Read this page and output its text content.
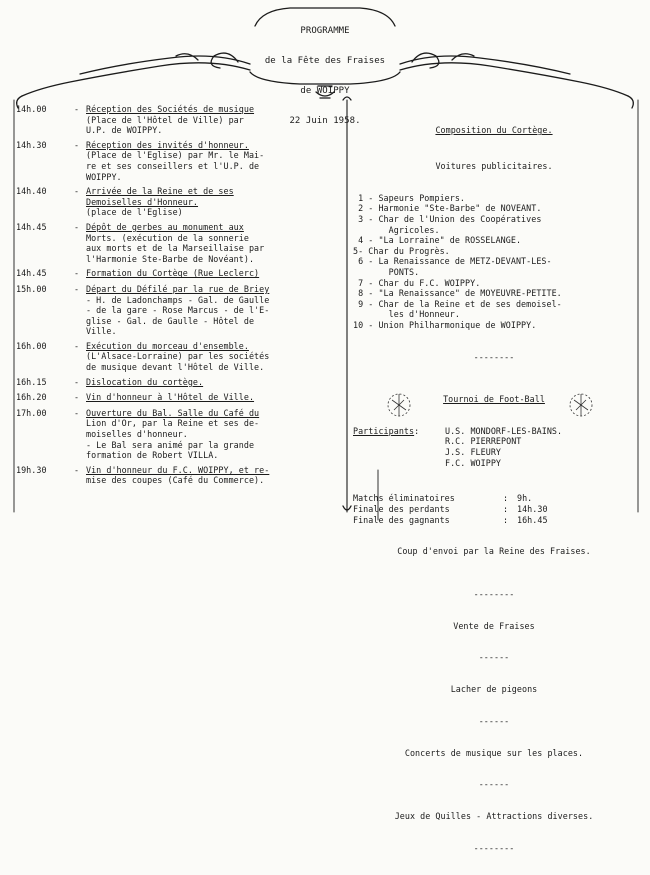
PROGRAMME

de la Fête des Fraises

de WOIPPY

22 Juin 1958.

14h.00	- Réception des Sociétés de musique
(Place de l'Hôtel de Ville) par
U.P. de WOIPPY.
14h.30	- Réception des invités d'honneur.
(Place de l'Eglise) par Mr. le Mai-
re et ses conseillers et l'U.P. de
WOIPPY.
14h.40	- Arrivée de la Reine et de ses
Demoiselles d'Honneur.
(place de l'Eglise)
14h.45	- Dépôt de gerbes au monument aux
Morts. (exécution de la sonnerie
aux morts et de la Marseillaise par
l'Harmonie Ste-Barbe de Novéant).
14h.45	- Formation du Cortège (Rue Leclerc)
15h.00	- Départ du Défilé par la rue de Briey
- H. de Ladonchamps - Gal. de Gaulle
- de la gare - Rose Marcus - de l'E-
glise - Gal. de Gaulle - Hôtel de
Ville.
16h.00	- Exécution du morceau d'ensemble.
(L'Alsace-Lorraine) par les sociétés
de musique devant l'Hôtel de Ville.
16h.15	- Dislocation du cortège.
16h.20	- Vin d'honneur à l'Hôtel de Ville.
17h.00	- Ouverture du Bal. Salle du Café du
Lion d'Or, par la Reine et ses de-
moiselles d'honneur.
- Le Bal sera animé par la grande
formation de Robert VILLA.
19h.30	- Vin d'honneur du F.C. WOIPPY, et re-
mise des coupes (Café du Commerce).

Composition du Cortège.

Voitures publicitaires.

1 - Sapeurs Pompiers.
2 - Harmonie "Ste-Barbe" de NOVEANT.
3 - Char de l'Union des Coopératives
Agricoles.
4 - "La Lorraine" de ROSSELANGE.
5- Char du Progrès.
6 - La Renaissance de METZ-DEVANT-LES-
PONTS.
7 - Char du F.C. WOIPPY.
8 - "La Renaissance" de MOYEUVRE-PETITE.
9 - Char de la Reine et de ses demoisel-
les d'Honneur.
10 - Union Philharmonique de WOIPPY.

--------

Tournoi de Foot-Ball

Participants:	U.S. MONDORF-LES-BAINS.
R.C. PIERREPONT
J.S. FLEURY
F.C. WOIPPY

Matchs éliminatoires	:	9h.
Finale des perdants	:	14h.30
Finale des gagnants	:	16h.45

Coup d'envoi par la Reine des Fraises.

--------

Vente de Fraises

------

Lacher de pigeons

------

Concerts de musique sur les places.

------

Jeux de Quilles - Attractions diverses.

--------
